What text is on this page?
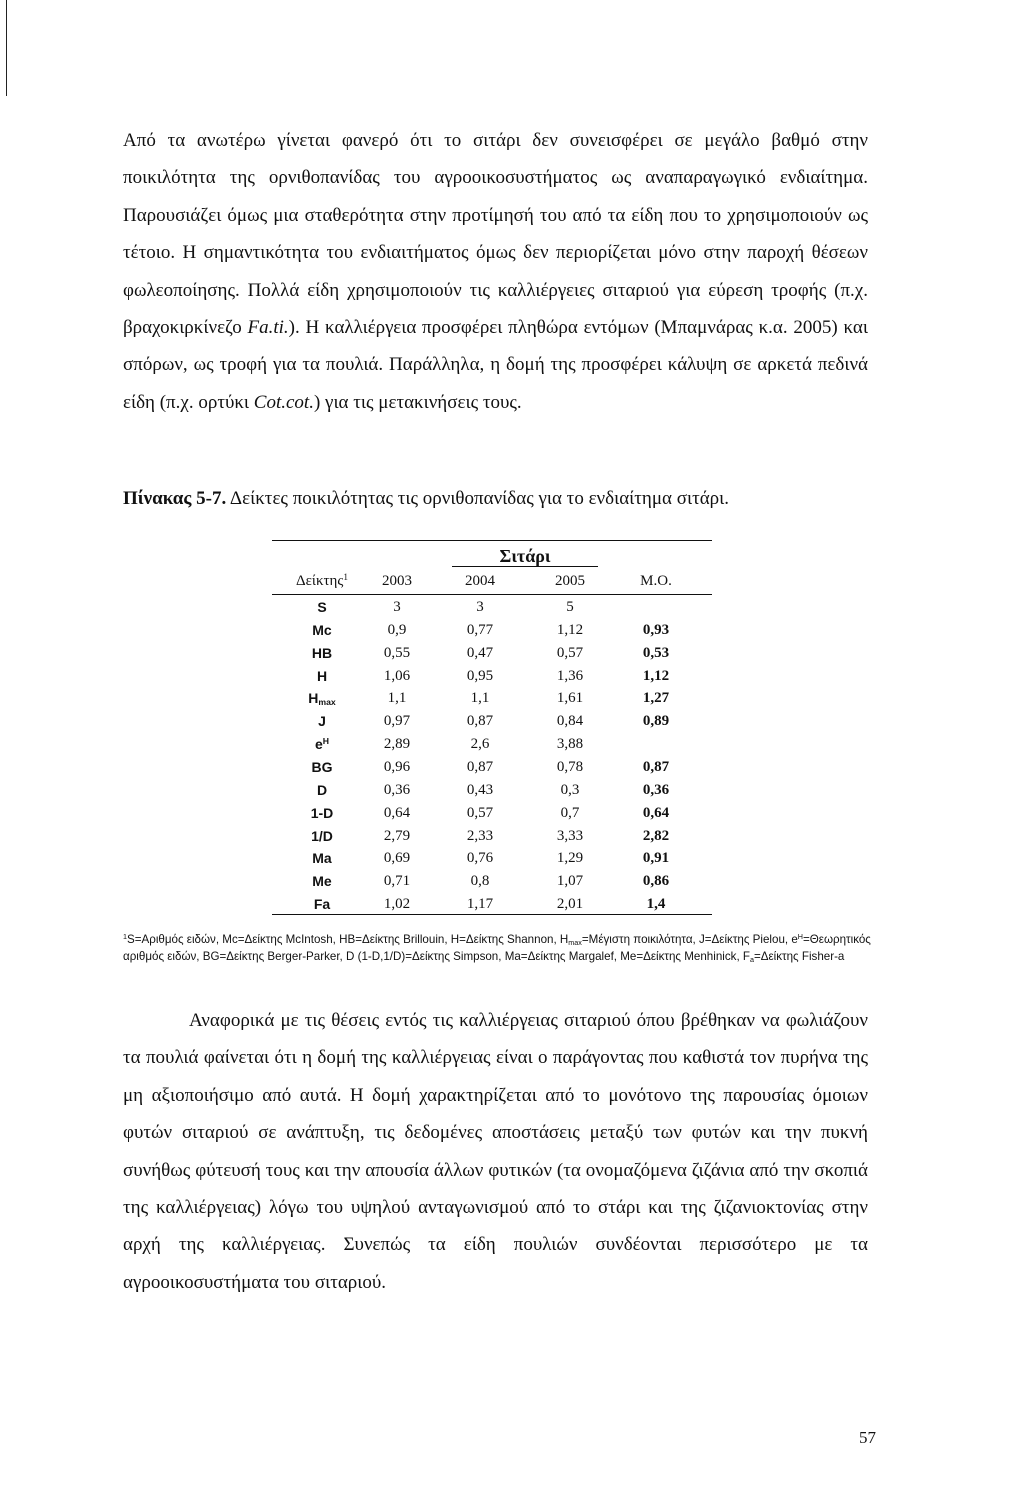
Από τα ανωτέρω γίνεται φανερό ότι το σιτάρι δεν συνεισφέρει σε μεγάλο βαθμό στην ποικιλότητα της ορνιθοπανίδας του αγροοικοσυστήματος ως αναπαραγωγικό ενδιαίτημα. Παρουσιάζει όμως μια σταθερότητα στην προτίμησή του από τα είδη που το χρησιμοποιούν ως τέτοιο. Η σημαντικότητα του ενδιαιτήματος όμως δεν περιορίζεται μόνο στην παροχή θέσεων φωλεοποίησης. Πολλά είδη χρησιμοποιούν τις καλλιέργειες σιταριού για εύρεση τροφής (π.χ. βραχοκιρκίνεζο Fa.ti.). Η καλλιέργεια προσφέρει πληθώρα εντόμων (Μπαμνάρας κ.α. 2005) και σπόρων, ως τροφή για τα πουλιά. Παράλληλα, η δομή της προσφέρει κάλυψη σε αρκετά πεδινά είδη (π.χ. ορτύκι Cot.cot.) για τις μετακινήσεις τους.

Πίνακας 5-7. Δείκτες ποικιλότητας τις ορνιθοπανίδας για το ενδιαίτημα σιτάρι.
Σιτάρι
Δείκτης$^1$	2003	2004	2005	Μ.Ο.
S	3	3	5
Mc	0,9	0,77	1,12	0,93
HB	0,55	0,47	0,57	0,53
H	1,06	0,95	1,36	1,12
$H_{max}$	1,1	1,1	1,61	1,27
J	0,97	0,87	0,84	0,89
$e^H$	2,89	2,6	3,88
BG	0,96	0,87	0,78	0,87
D	0,36	0,43	0,3	0,36
1-D	0,64	0,57	0,7	0,64
1/D	2,79	2,33	3,33	2,82
Ma	0,69	0,76	1,29	0,91
Me	0,71	0,8	1,07	0,86
Fa	1,02	1,17	2,01	1,4

$^1$S=Αριθμός ειδών, Mc=Δείκτης McIntosh, HB=Δείκτης Brillouin, H=Δείκτης Shannon, $H_{max}=Mέ\gamma\iota\sigma\tau\eta$ ποικιλότητα, J=Δείκτης Pielou, $e^H=\Theta\varepsilon\omega\rho\eta\tau\iota\kappa ό\varsigma$ αριθμός ειδών, BG=Δείκτης Berger-Parker, D (1-D,1/D)=Δείκτης Simpson, Ma=Δείκτης Margalef, Me=Δείκτης Menhinick, $F_a=\Delta\varepsilon ί\kappa\tau\eta\varsigma$ Fisher-a

Αναφορικά με τις θέσεις εντός τις καλλιέργειας σιταριού όπου βρέθηκαν να φωλιάζουν τα πουλιά φαίνεται ότι η δομή της καλλιέργειας είναι ο παράγοντας που καθιστά τον πυρήνα της μη αξιοποιήσιμο από αυτά. Η δομή χαρακτηρίζεται από το μονότονο της παρουσίας όμοιων φυτών σιταριού σε ανάπτυξη, τις δεδομένες αποστάσεις μεταξύ των φυτών και την πυκνή συνήθως φύτευσή τους και την απουσία άλλων φυτικών (τα ονομαζόμενα ζιζάνια από την σκοπιά της καλλιέργειας) λόγω του υψηλού ανταγωνισμού από το στάρι και της ζιζανιοκτονίας στην αρχή της καλλιέργειας. Συνεπώς τα είδη πουλιών συνδέονται περισσότερο με τα αγροοικοσυστήματα του σιταριού.

57
